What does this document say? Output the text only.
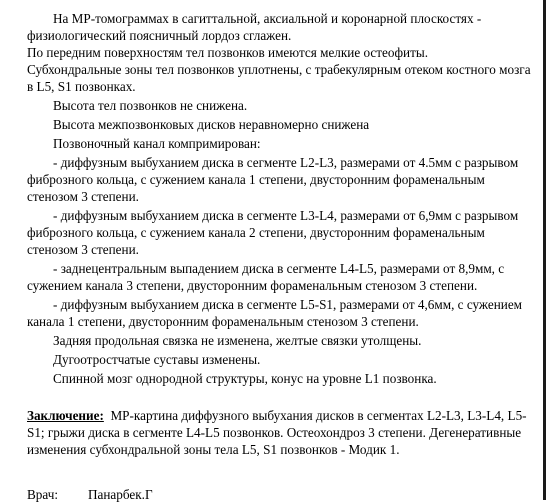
На МР-томограммах в сагиттальной, аксиальной и коронарной плоскостях - физиологический поясничный лордоз сглажен.

По передним поверхностям тел позвонков имеются мелкие остеофиты.

Субхондральные зоны тел позвонков уплотнены, с трабекулярным отеком костного мозга в L5, S1 позвонках.

Высота тел позвонков не снижена.

Высота межпозвонковых дисков неравномерно снижена

Позвоночный канал компримирован:

- диффузным выбуханием диска в сегменте L2-L3, размерами от 4.5мм с разрывом фиброзного кольца, с сужением канала 1 степени, двусторонним фораменальным стенозом 3 степени.

- диффузным выбуханием диска в сегменте L3-L4, размерами от 6,9мм с разрывом фиброзного кольца, с сужением канала 2 степени, двусторонним фораменальным стенозом 3 степени.

- заднецентральным выпадением диска в сегменте L4-L5, размерами от 8,9мм, с сужением канала 3 степени, двусторонним фораменальным стенозом 3 степени.

- диффузным выбуханием диска в сегменте L5-S1, размерами от 4,6мм, с сужением канала 1 степени, двусторонним фораменальным стенозом 3 степени.

Задняя продольная связка не изменена, желтые связки утолщены.

Дугоотростчатые суставы изменены.

Спинной мозг однородной структуры, конус на уровне L1 позвонка.

Заключение: МР-картина диффузного выбухания дисков в сегментах L2-L3, L3-L4, L5-S1; грыжи диска в сегменте L4-L5 позвонков. Остеохондроз 3 степени. Дегенеративные изменения субхондральной зоны тела L5, S1 позвонков - Модик 1.

Врач: Панарбек.Г
